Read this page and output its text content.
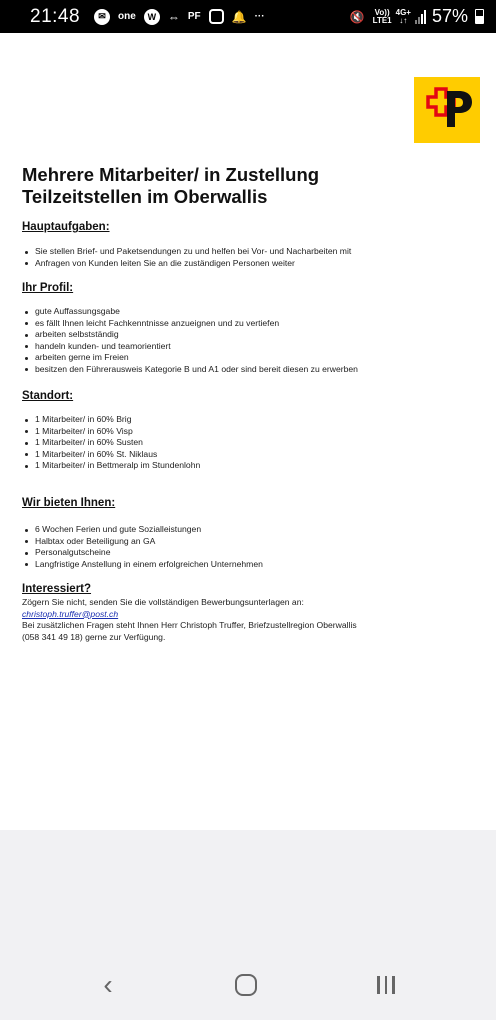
21:48	✉	one	W ⇔ PF	🔔 ···	🔇 Vo))
LTE1
4G+
↓↑ 57%
Mehrere Mitarbeiter/ in Zustellung
Teilzeitstellen im Oberwallis
Hauptaufgaben:
Sie stellen Brief- und Paketsendungen zu und helfen bei Vor- und Nacharbeiten mit
Anfragen von Kunden leiten Sie an die zuständigen Personen weiter
Ihr Profil:
gute Auffassungsgabe
es fällt Ihnen leicht Fachkenntnisse anzueignen und zu vertiefen
arbeiten selbstständig
handeln kunden- und teamorientiert
arbeiten gerne im Freien
besitzen den Führerausweis Kategorie B und A1 oder sind bereit diesen zu erwerben
Standort:
1 Mitarbeiter/ in 60% Brig
1 Mitarbeiter/ in 60% Visp
1 Mitarbeiter/ in 60% Susten
1 Mitarbeiter/ in 60% St. Niklaus
1 Mitarbeiter/ in Bettmeralp im Stundenlohn
Wir bieten Ihnen:
6 Wochen Ferien und gute Sozialleistungen
Halbtax oder Beteiligung an GA
Personalgutscheine
Langfristige Anstellung in einem erfolgreichen Unternehmen
Interessiert?
Zögern Sie nicht, senden Sie die vollständigen Bewerbungsunterlagen an:
christoph.truffer@post.ch
Bei zusätzlichen Fragen steht Ihnen Herr Christoph Truffer, Briefzustellregion Oberwallis
(058 341 49 18) gerne zur Verfügung.
‹
